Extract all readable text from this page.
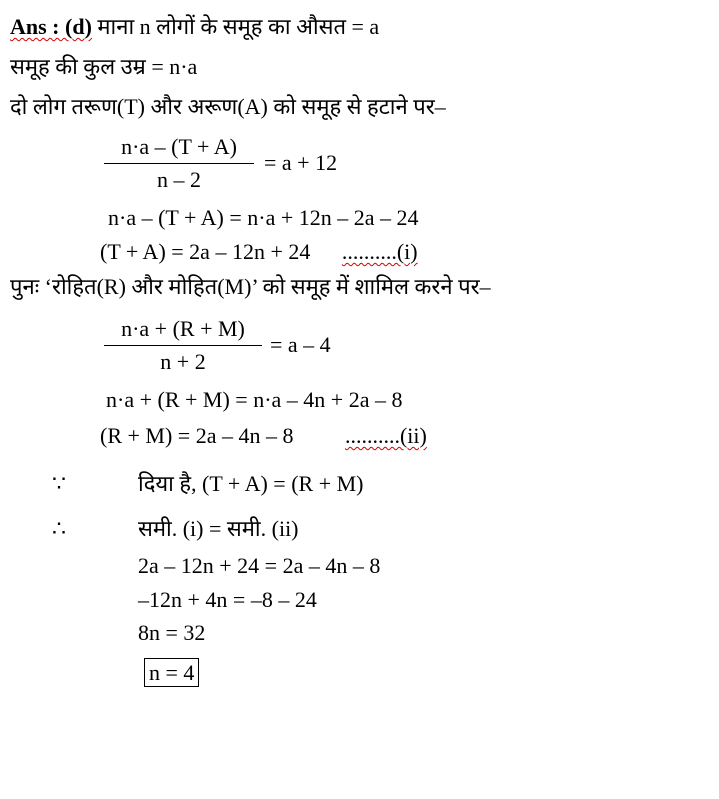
Ans : (d) माना n लोगों के समूह का औसत = a
समूह की कुल उम्र = n·a
दो लोग तरूण(T) और अरूण(A) को समूह से हटाने पर–
n·a – (T + A)
n – 2
= a + 12
n·a – (T + A) = n·a + 12n – 2a – 24
(T + A) = 2a – 12n + 24 ..........(i)
पुनः ‘रोहित(R) और मोहित(M)’ को समूह में शामिल करने पर–
n·a + (R + M)
n + 2
= a – 4
n·a + (R + M) = n·a – 4n + 2a – 8
(R + M) = 2a – 4n – 8 ..........(ii)
∵	दिया है, (T + A) = (R + M)
∴	समी. (i) = समी. (ii)
2a – 12n + 24 = 2a – 4n – 8
–12n + 4n = –8 – 24
8n = 32
n = 4
